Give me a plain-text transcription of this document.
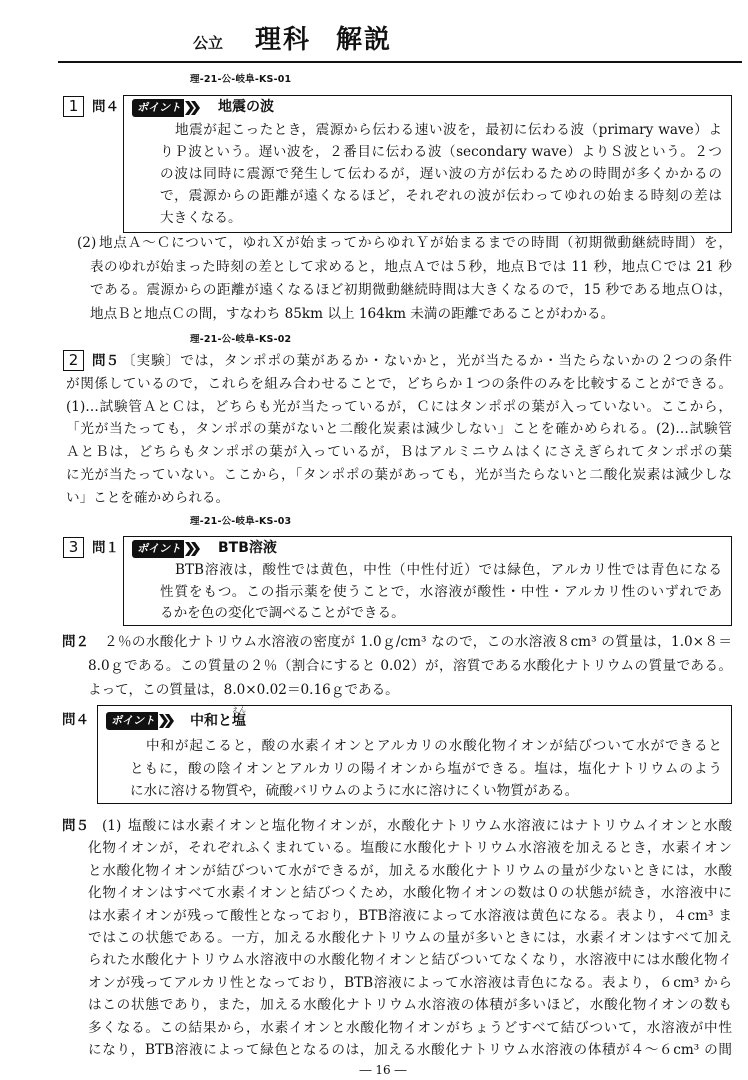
公立 理科 解説
理-21-公-岐阜-KS-01
1	問４	ポイント	地震の波
地震が起こったとき，震源から伝わる速い波を，最初に伝わる波（primary wave）よ
りＰ波という。遅い波を，２番目に伝わる波（secondary wave）よりＳ波という。２つ
の波は同時に震源で発生して伝わるが，遅い波の方が伝わるための時間が多くかかるの
で，震源からの距離が遠くなるほど，それぞれの波が伝わってゆれの始まる時刻の差は
大きくなる。
(2) 地点Ａ～Ｃについて，ゆれＸが始まってからゆれＹが始まるまでの時間（初期微動継続時間）を，
表のゆれが始まった時刻の差として求めると，地点Ａでは５秒，地点Ｂでは 11 秒，地点Ｃでは 21 秒
である。震源からの距離が遠くなるほど初期微動継続時間は大きくなるので，15 秒である地点Ｏは，
地点Ｂと地点Ｃの間，すなわち 85km 以上 164km 未満の距離であることがわかる。
理-21-公-岐阜-KS-02
2	問５ 〔実験〕では，タンポポの葉があるか・ないかと，光が当たるか・当たらないかの２つの条件
が関係しているので，これらを組み合わせることで，どちらか１つの条件のみを比較することができる。
(1)…試験管ＡとＣは，どちらも光が当たっているが，Ｃにはタンポポの葉が入っていない。ここから，
「光が当たっても，タンポポの葉がないと二酸化炭素は減少しない」ことを確かめられる。(2)…試験管
ＡとＢは，どちらもタンポポの葉が入っているが，Ｂはアルミニウムはくにさえぎられてタンポポの葉
に光が当たっていない。ここから，「タンポポの葉があっても，光が当たらないと二酸化炭素は減少しな
い」ことを確かめられる。
理-21-公-岐阜-KS-03
3	問１	ポイント	BTB溶液
BTB溶液は，酸性では黄色，中性（中性付近）では緑色，アルカリ性では青色になる
性質をもつ。この指示薬を使うことで，水溶液が酸性・中性・アルカリ性のいずれであ
るかを色の変化で調べることができる。
問２	２％の水酸化ナトリウム水溶液の密度が 1.0ｇ/cm³ なので，この水溶液８cm³ の質量は，1.0×８＝
8.0ｇである。この質量の２％（割合にすると 0.02）が，溶質である水酸化ナトリウムの質量である。
よって，この質量は，8.0×0.02＝0.16ｇである。
問４	ポイント	中和と塩
えん
中和が起こると，酸の水素イオンとアルカリの水酸化物イオンが結びついて水ができると
ともに，酸の陰イオンとアルカリの陽イオンから塩ができる。塩は，塩化ナトリウムのよう
に水に溶ける物質や，硫酸バリウムのように水に溶けにくい物質がある。
問５ (1) 塩酸には水素イオンと塩化物イオンが，水酸化ナトリウム水溶液にはナトリウムイオンと水酸
化物イオンが，それぞれふくまれている。塩酸に水酸化ナトリウム水溶液を加えるとき，水素イオン
と水酸化物イオンが結びついて水ができるが，加える水酸化ナトリウムの量が少ないときには，水酸
化物イオンはすべて水素イオンと結びつくため，水酸化物イオンの数は０の状態が続き，水溶液中に
は水素イオンが残って酸性となっており，BTB溶液によって水溶液は黄色になる。表より，４cm³ ま
ではこの状態である。一方，加える水酸化ナトリウムの量が多いときには，水素イオンはすべて加え
られた水酸化ナトリウム水溶液中の水酸化物イオンと結びついてなくなり，水溶液中には水酸化物イ
オンが残ってアルカリ性となっており，BTB溶液によって水溶液は青色になる。表より，６cm³ から
はこの状態であり，また，加える水酸化ナトリウム水溶液の体積が多いほど，水酸化物イオンの数も
多くなる。この結果から，水素イオンと水酸化物イオンがちょうどすべて結びついて，水溶液が中性
になり，BTB溶液によって緑色となるのは，加える水酸化ナトリウム水溶液の体積が４～６cm³ の間
― 16 ―
